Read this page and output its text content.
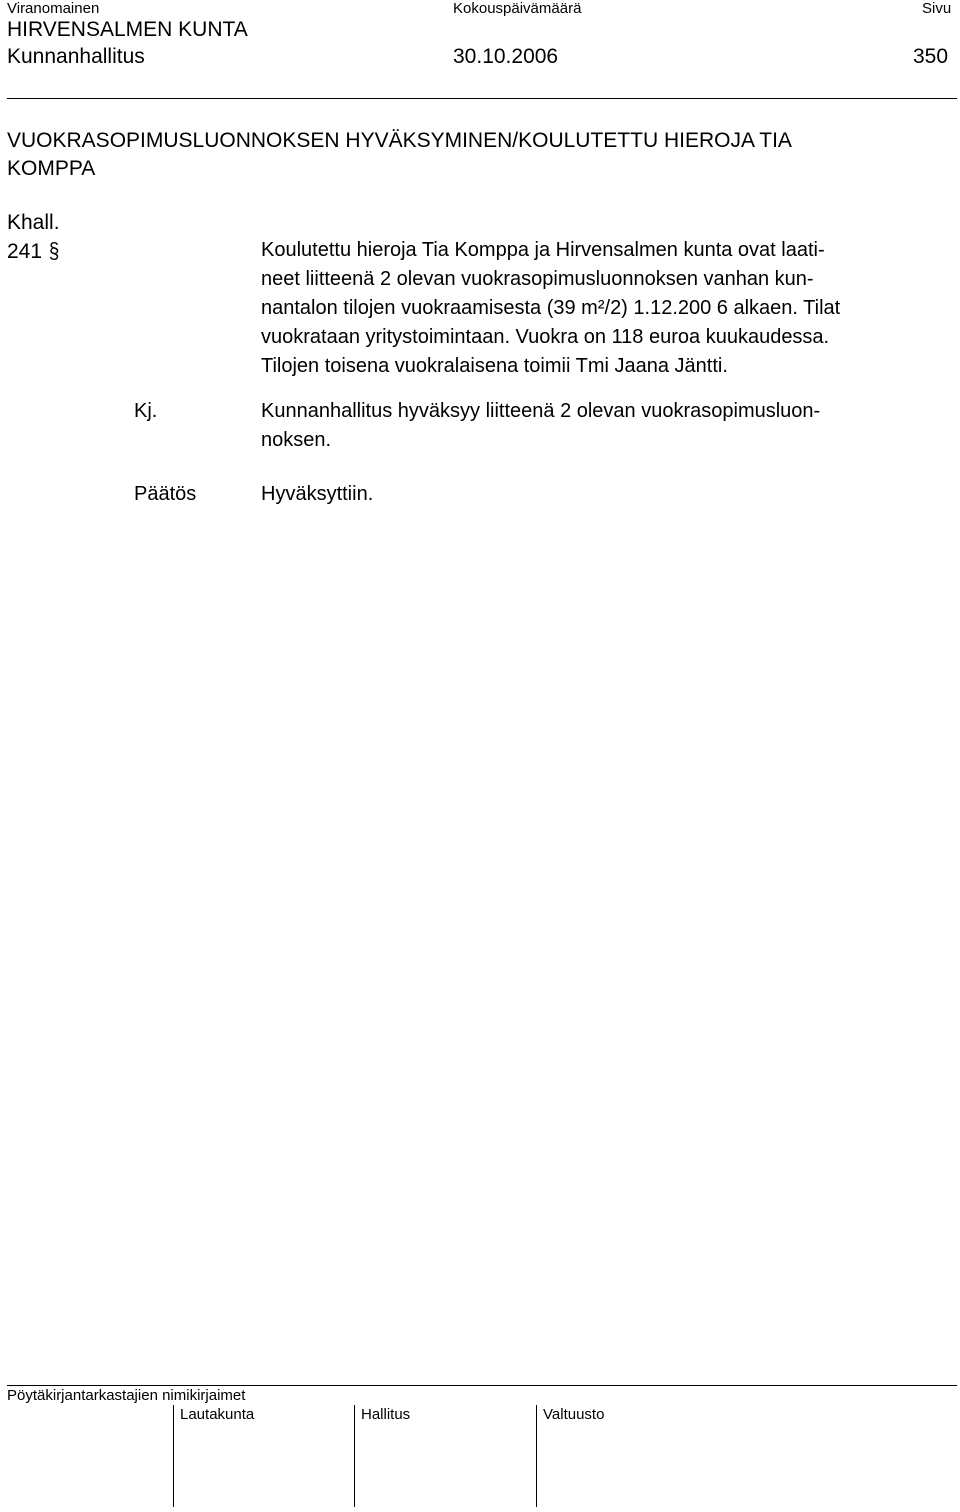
Viranomainen	Kokouspäivämäärä	Sivu
HIRVENSALMEN KUNTA
Kunnanhallitus	30.10.2006	350
VUOKRASOPIMUSLUONNOKSEN HYVÄKSYMINEN/KOULUTETTU HIEROJA TIA
KOMPPA
Khall.
241 §	Koulutettu hieroja Tia Komppa ja Hirvensalmen kunta ovat laati-
neet liitteenä 2 olevan vuokrasopimusluonnoksen vanhan kun-
nantalon tilojen vuokraamisesta (39 m²/2) 1.12.200 6 alkaen. Tilat
vuokrataan yritystoimintaan. Vuokra on 118 euroa kuukaudessa.
Tilojen toisena vuokralaisena toimii Tmi Jaana Jäntti.
Kj.	Kunnanhallitus hyväksyy liitteenä 2 olevan vuokrasopimusluon-
noksen.
Päätös	Hyväksyttiin.
Pöytäkirjantarkastajien nimikirjaimet
Lautakunta	Hallitus	Valtuusto
